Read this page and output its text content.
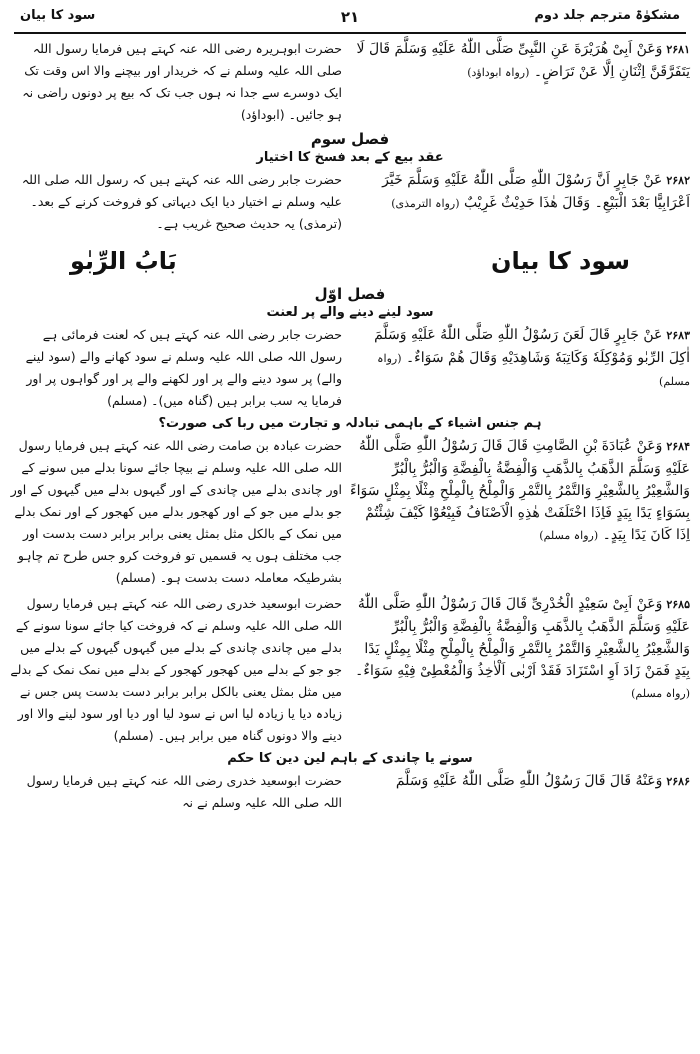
مشکوٰۃ مترجم جلد دوم
۲۱
سود کا بیان
۲۶۸۱وَعَنْ اَبِیْ هُرَیْرَةَ عَنِ النَّبِیِّ صَلَّی اللّٰهُ عَلَیْهِ وَسَلَّمَ قَالَ لَا یَتَفَرَّقَنَّ اِثْنَانِ اِلَّا عَنْ تَرَاضٍ۔ (رواہ ابوداؤد)
حضرت ابوہریرہ رضی اللہ عنہ کہتے ہیں فرمایا رسول اللہ صلی اللہ علیہ وسلم نے کہ خریدار اور بیچنے والا اس وقت تک ایک دوسرے سے جدا نہ ہوں جب تک کہ بیع پر دونوں راضی نہ ہو جائیں۔ (ابوداؤد)
فصل سوم
عقد بیع کے بعد فسخ کا اختیار
۲۶۸۲عَنْ جَابِرٍ اَنَّ رَسُوْلَ اللّٰهِ صَلَّی اللّٰهُ عَلَیْهِ وَسَلَّمَ خَیَّرَ اَعْرَابِیًّا بَعْدَ الْبَیْعِ۔ وَقَالَ هٰذَا حَدِیْثٌ غَرِیْبٌ (رواہ الترمذی)
حضرت جابر رضی اللہ عنہ کہتے ہیں کہ رسول اللہ صلی اللہ علیہ وسلم نے اختیار دیا ایک دیہاتی کو فروخت کرنے کے بعد۔ (ترمذی) یہ حدیث صحیح غریب ہے۔
بَابُ الرِّبٰو	سود کا بیان
فصل اوّل
سود لینے دینے والے پر لعنت
۲۶۸۳عَنْ جَابِرٍ قَالَ لَعَنَ رَسُوْلُ اللّٰهِ صَلَّی اللّٰهُ عَلَیْهِ وَسَلَّمَ اٰكِلَ الرِّبٰو وَمُوْكِلَهٗ وَكَاتِبَهٗ وَشَاهِدَيْهِ وَقَالَ هُمْ سَوَاءٌ۔ (رواہ مسلم)
حضرت جابر رضی اللہ عنہ کہتے ہیں کہ لعنت فرمائی ہے رسول اللہ صلی اللہ علیہ وسلم نے سود کھانے والے (سود لینے والے) پر سود دینے والے پر اور لکھنے والے پر اور گواہوں پر اور فرمایا یہ سب برابر ہیں (گناہ میں)۔ (مسلم)
ہم جنس اشیاء کے باہمی تبادلہ و تجارت میں ربا کی صورت؟
۲۶۸۴وَعَنْ عُبَادَةَ بْنِ الصَّامِتِ قَالَ قَالَ رَسُوْلُ اللّٰهِ صَلَّی اللّٰهُ عَلَیْهِ وَسَلَّمَ الذَّهَبُ بِالذَّهَبِ وَالْفِضَّةُ بِالْفِضَّةِ وَالْبُرُّ بِالْبُرِّ وَالشَّعِیْرُ بِالشَّعِیْرِ وَالتَّمْرُ بِالتَّمْرِ وَالْمِلْحُ بِالْمِلْحِ مِثْلًا بِمِثْلٍ سَوَاءً بِسَوَاءٍ یَدًا بِیَدٍ فَاِذَا اخْتَلَفَتْ هٰذِهِ الْاَصْنَافُ فَبِیْعُوْا كَیْفَ شِئْتُمْ اِذَا كَانَ یَدًا بِیَدٍ۔ (رواہ مسلم)
حضرت عبادہ بن صامت رضی اللہ عنہ کہتے ہیں فرمایا رسول اللہ صلی اللہ علیہ وسلم نے بیچا جائے سونا بدلے میں سونے کے اور چاندی بدلے میں چاندی کے اور گیہوں بدلے میں گیہوں کے اور جو بدلے میں جو کے اور کھجور بدلے میں کھجور کے اور نمک بدلے میں نمک کے بالکل مثل بمثل یعنی برابر برابر دست بدست اور جب مختلف ہوں یہ قسمیں تو فروخت کرو جس طرح تم چاہو بشرطیکہ معاملہ دست بدست ہو۔ (مسلم)
۲۶۸۵وَعَنْ اَبِیْ سَعِیْدٍ الْخُدْرِیِّ قَالَ قَالَ رَسُوْلُ اللّٰهِ صَلَّی اللّٰهُ عَلَیْهِ وَسَلَّمَ الذَّهَبُ بِالذَّهَبِ وَالْفِضَّةُ بِالْفِضَّةِ وَالْبُرُّ بِالْبُرِّ وَالشَّعِیْرُ بِالشَّعِیْرِ وَالتَّمْرُ بِالتَّمْرِ وَالْمِلْحُ بِالْمِلْحِ مِثْلًا بِمِثْلٍ یَدًا بِیَدٍ فَمَنْ زَادَ اَوِ اسْتَزَادَ فَقَدْ اَرْبٰی اَلْاٰخِذُ وَالْمُعْطِیْ فِیْهِ سَوَاءٌ۔ (رواہ مسلم)
حضرت ابوسعید خدری رضی اللہ عنہ کہتے ہیں فرمایا رسول اللہ صلی اللہ علیہ وسلم نے کہ فروخت کیا جائے سونا سونے کے بدلے میں چاندی چاندی کے بدلے میں گیہوں گیہوں کے بدلے میں جو جو کے بدلے میں کھجور کھجور کے بدلے میں نمک نمک کے بدلے میں مثل بمثل یعنی بالکل برابر برابر دست بدست پس جس نے زیادہ دیا یا زیادہ لیا اس نے سود لیا اور دیا اور سود لینے والا اور دینے والا دونوں گناہ میں برابر ہیں۔ (مسلم)
سونے یا چاندی کے باہم لین دین کا حکم
۲۶۸۶وَعَنْهُ قَالَ قَالَ رَسُوْلُ اللّٰهِ صَلَّی اللّٰهُ عَلَیْهِ وَسَلَّمَ
حضرت ابوسعید خدری رضی اللہ عنہ کہتے ہیں فرمایا رسول اللہ صلی اللہ علیہ وسلم نے نہ
